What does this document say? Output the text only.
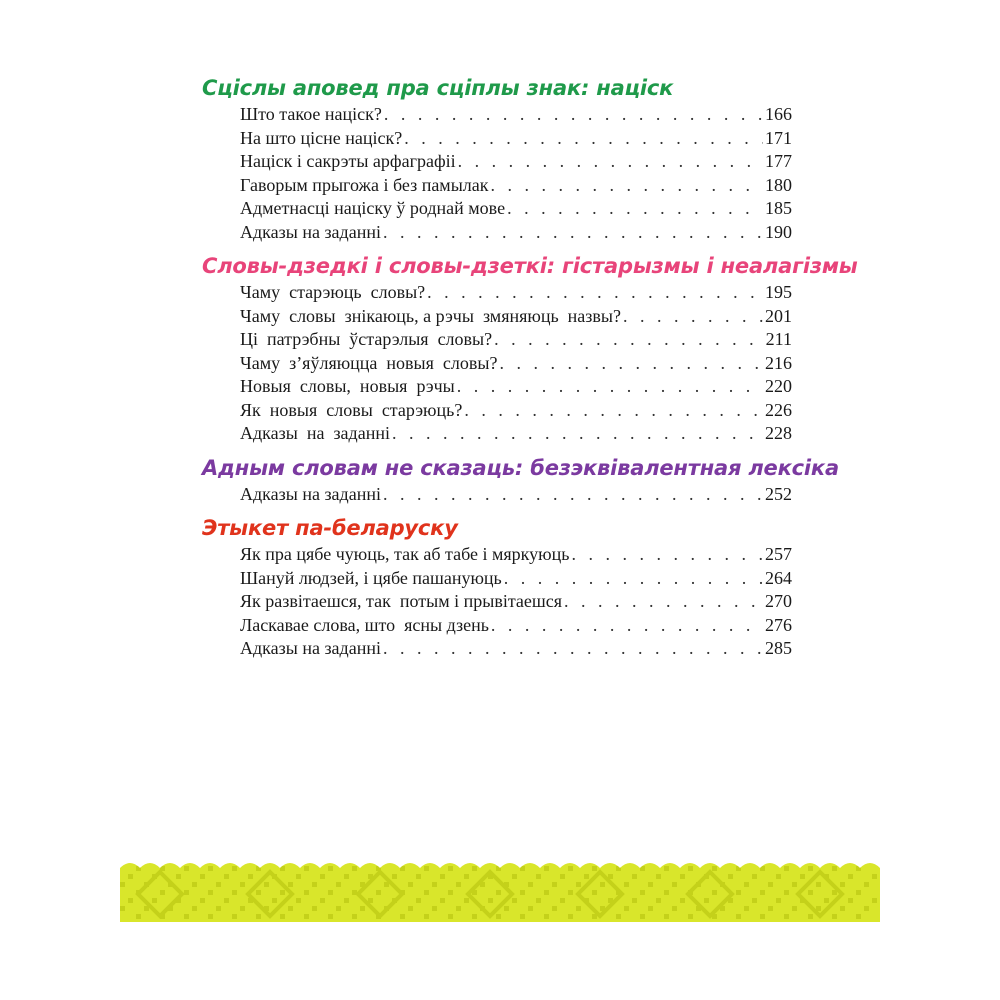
Сціслы аповед пра сціплы знак: націск
Што такое націск? . . .	166
На што ціснe націск? . . .	171
Націск і сакрэты арфаграфіі . . .	177
Гаворым прыгожа і без памылак . . .	180
Адметнасці націску ў роднай мове . . .	185
Адказы на заданні . . .	190
Словы-дзедкі і словы-дзеткі: гістарызмы і неалагізмы
Чаму  старэюць  словы? . . .	195
Чаму  словы  знікаюць, а рэчы  змяняюць  назвы? . . .	201
Ці  патрэбны  ўстарэлыя  словы? . . .	211
Чаму  з’яўляюцца  новыя  словы? . . .	216
Новыя  словы,  новыя  рэчы . . .	220
Як  новыя  словы  старэюць? . . .	226
Адказы  на  заданні . . .	228
Адным словам не сказаць: безэквівалентная лексіка
Адказы на заданні . . .	252
Этыкет па-беларуску
Як пра цябе чуюць, так аб табе і мяркуюць . . .	257
Шануй людзей, і цябе пашануюць . . .	264
Як развітаешся, так  потым і прывітаешся . . .	270
Ласкавае слова, што  ясны дзень . . .	276
Адказы на заданні . . .	285
